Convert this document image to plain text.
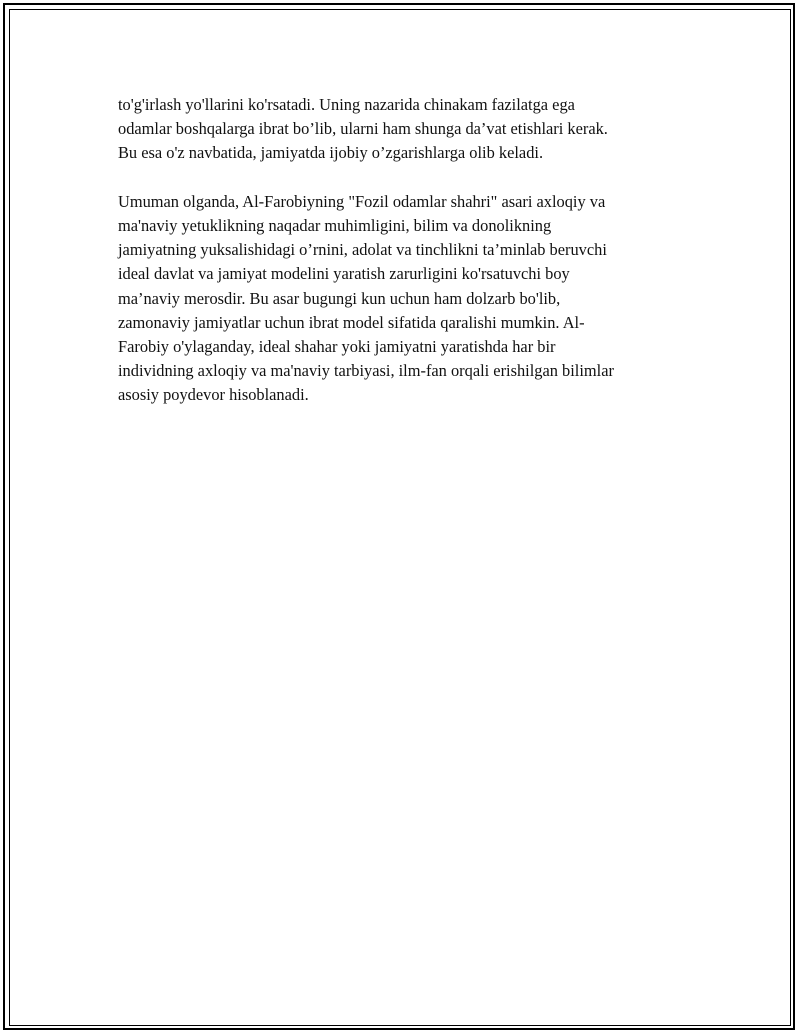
to'g'irlash yo'llarini ko'rsatadi. Uning nazarida chinakam fazilatga ega
odamlar boshqalarga ibrat bo’lib, ularni ham shunga da’vat etishlari kerak.
Bu esa o'z navbatida, jamiyatda ijobiy o’zgarishlarga olib keladi.

Umuman olganda, Al-Farobiyning "Fozil odamlar shahri" asari axloqiy va
ma'naviy yetuklikning naqadar muhimligini, bilim va donolikning
jamiyatning yuksalishidagi o’rnini, adolat va tinchlikni ta’minlab beruvchi
ideal davlat va jamiyat modelini yaratish zarurligini ko'rsatuvchi boy
ma’naviy merosdir. Bu asar bugungi kun uchun ham dolzarb bo'lib,
zamonaviy jamiyatlar uchun ibrat model sifatida qaralishi mumkin. Al-
Farobiy o'ylaganday, ideal shahar yoki jamiyatni yaratishda har bir
individning axloqiy va ma'naviy tarbiyasi, ilm-fan orqali erishilgan bilimlar
asosiy poydevor hisoblanadi.
